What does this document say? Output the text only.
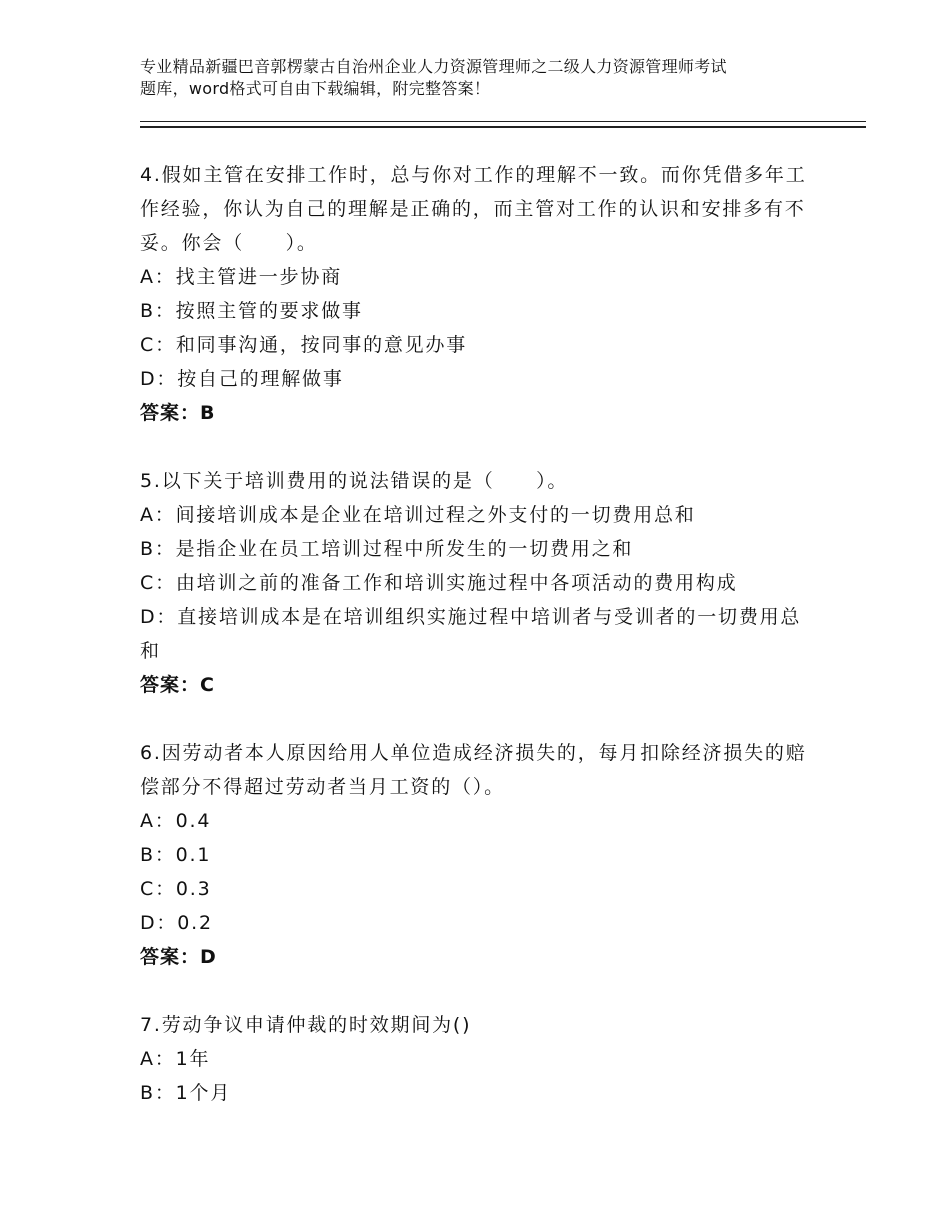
专业精品新疆巴音郭楞蒙古自治州企业人力资源管理师之二级人力资源管理师考试
题库，word格式可自由下载编辑，附完整答案！

4.假如主管在安排工作时，总与你对工作的理解不一致。而你凭借多年工作经验，你认为自己的理解是正确的，而主管对工作的认识和安排多有不妥。你会（　　）。

A：找主管进一步协商

B：按照主管的要求做事

C：和同事沟通，按同事的意见办事

D：按自己的理解做事

答案：B

5.以下关于培训费用的说法错误的是（　　）。

A：间接培训成本是企业在培训过程之外支付的一切费用总和

B：是指企业在员工培训过程中所发生的一切费用之和

C：由培训之前的准备工作和培训实施过程中各项活动的费用构成

D：直接培训成本是在培训组织实施过程中培训者与受训者的一切费用总和

答案：C

6.因劳动者本人原因给用人单位造成经济损失的，每月扣除经济损失的赔偿部分不得超过劳动者当月工资的（）。

A：0.4

B：0.1

C：0.3

D：0.2

答案：D

7.劳动争议申请仲裁的时效期间为()

A：1年

B：1个月
